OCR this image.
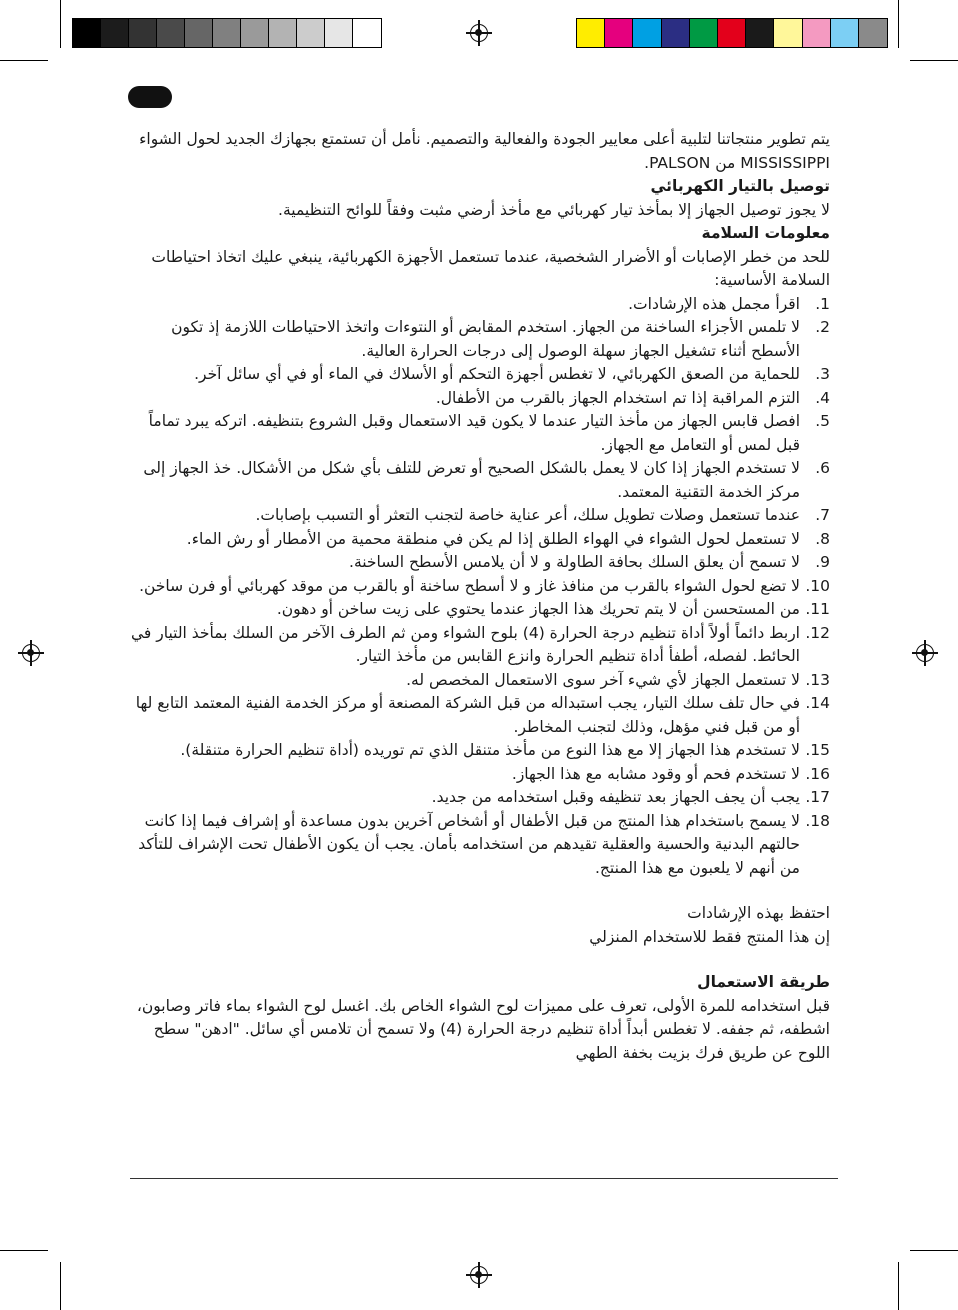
يتم تطوير منتجاتنا لتلبية أعلى معايير الجودة والفعالية والتصميم. نأمل أن تستمتع بجهازك الجديد لحول الشواء MISSISSIPPI من PALSON.

توصيل بالتيار الكهربائي

لا يجوز توصيل الجهاز إلا بمأخذ تيار كهربائي مع مأخذ أرضي مثبت وفقاً للوائح التنظيمية.

معلومات السلامة

للحد من خطر الإصابات أو الأضرار الشخصية، عندما تستعمل الأجهزة الكهربائية، ينبغي عليك اتخاذ احتياطات السلامة الأساسية:

1.
اقرأ مجمل هذه الإرشادات.
2.
لا تلمس الأجزاء الساخنة من الجهاز. استخدم المقابض أو النتوءات واتخذ الاحتياطات اللازمة إذ تكون الأسطح أثناء تشغيل الجهاز سهلة الوصول إلى درجات الحرارة العالية.
3.
للحماية من الصعق الكهربائي، لا تغطس أجهزة التحكم أو الأسلاك في الماء أو في أي سائل آخر.
4.
التزم المراقبة إذا تم استخدام الجهاز بالقرب من الأطفال.
5.
افصل قابس الجهاز من مأخذ التيار عندما لا يكون قيد الاستعمال وقبل الشروع بتنظيفه. اتركه يبرد تماماً قبل لمس أو التعامل مع الجهاز.
6.
لا تستخدم الجهاز إذا كان لا يعمل بالشكل الصحيح أو تعرض للتلف بأي شكل من الأشكال. خذ الجهاز إلى مركز الخدمة التقنية المعتمد.
7.
عندما تستعمل وصلات تطويل سلك، أعر عناية خاصة لتجنب التعثر أو التسبب بإصابات.
8.
لا تستعمل لحول الشواء في الهواء الطلق إذا لم يكن في منطقة محمية من الأمطار أو رش الماء.
9.
لا تسمح أن يعلق السلك بحافة الطاولة و لا أن يلامس الأسطح الساخنة.
10.
لا تضع لحول الشواء بالقرب من منافذ غاز و لا أسطح ساخنة أو بالقرب من موقد كهربائي أو فرن ساخن.
11.
من المستحسن أن لا يتم تحريك هذا الجهاز عندما يحتوي على زيت ساخن أو دهون.
12.
اربط دائماً أولاً أداة تنظيم درجة الحرارة (4) بلوح الشواء ومن ثم الطرف الآخر من السلك بمأخذ التيار في الحائط. لفصله، أطفأ أداة تنظيم الحرارة وانزع القابس من مأخذ التيار.
13.
لا تستعمل الجهاز لأي شيء آخر سوى الاستعمال المخصص له.
14.
في حال تلف سلك التيار، يجب استبداله من قبل الشركة المصنعة أو مركز الخدمة الفنية المعتمد التابع لها أو من قبل فني مؤهل، وذلك لتجنب المخاطر.
15.
لا تستخدم هذا الجهاز إلا مع هذا النوع من مأخذ متنقل الذي تم توريده (أداة تنظيم الحرارة متنقلة).
16.
لا تستخدم فحم أو وقود مشابه مع هذا الجهاز.
17.
يجب أن يجف الجهاز بعد تنظيفه وقبل استخدامه من جديد.
18.
لا يسمح باستخدام هذا المنتج من قبل الأطفال أو أشخاص آخرين بدون مساعدة أو إشراف فيما إذا كانت حالتهم البدنية والحسية والعقلية تقيدهم من استخدامه بأمان. يجب أن يكون الأطفال تحت الإشراف للتأكد من أنهم لا يلعبون مع هذا المنتج.

احتفظ بهذه الإرشادات

إن هذا المنتج فقط للاستخدام المنزلي

طريقة الاستعمال

قبل استخدامه للمرة الأولى، تعرف على مميزات لوح الشواء الخاص بك. اغسل لوح الشواء بماء فاتر وصابون، اشطفه، ثم جففه. لا تغطس أبداً أداة تنظيم درجة الحرارة (4) ولا تسمح أن تلامس أي سائل. "ادهن" سطح اللوح عن طريق فرك بزيت بخفة الطهي
